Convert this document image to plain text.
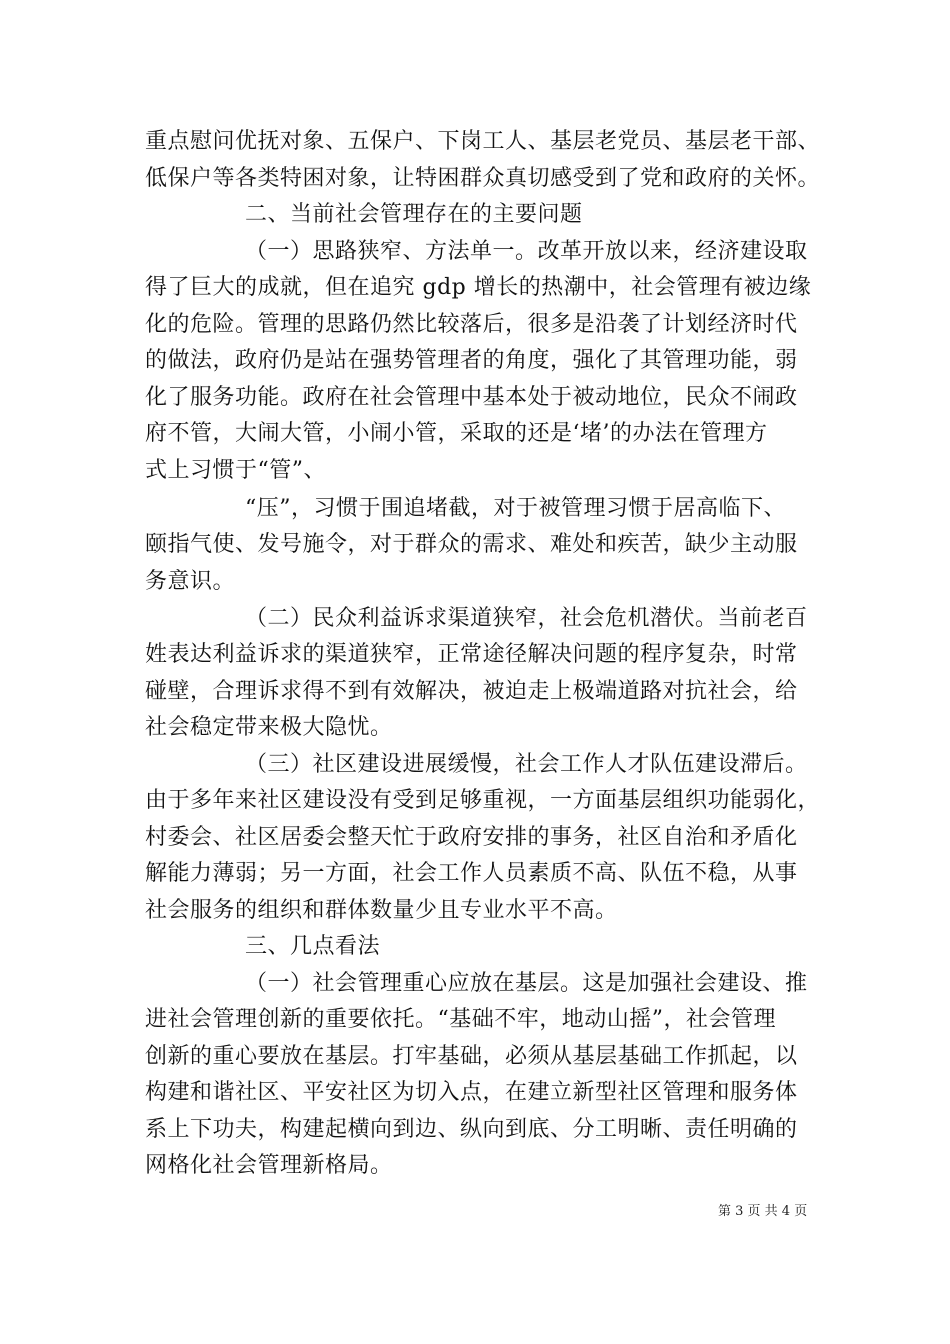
重点慰问优抚对象、五保户、下岗工人、基层老党员、基层老干部、
低保户等各类特困对象，让特困群众真切感受到了党和政府的关怀。
二、当前社会管理存在的主要问题
（一）思路狭窄、方法单一。改革开放以来，经济建设取
得了巨大的成就，但在追究 gdp 增长的热潮中，社会管理有被边缘
化的危险。管理的思路仍然比较落后，很多是沿袭了计划经济时代
的做法，政府仍是站在强势管理者的角度，强化了其管理功能，弱
化了服务功能。政府在社会管理中基本处于被动地位，民众不闹政
府不管，大闹大管，小闹小管，采取的还是‘堵’的办法在管理方
式上习惯于“管”、
“压”，习惯于围追堵截，对于被管理习惯于居高临下、
颐指气使、发号施令，对于群众的需求、难处和疾苦，缺少主动服
务意识。
（二）民众利益诉求渠道狭窄，社会危机潜伏。当前老百
姓表达利益诉求的渠道狭窄，正常途径解决问题的程序复杂，时常
碰壁，合理诉求得不到有效解决，被迫走上极端道路对抗社会，给
社会稳定带来极大隐忧。
（三）社区建设进展缓慢，社会工作人才队伍建设滞后。
由于多年来社区建设没有受到足够重视，一方面基层组织功能弱化，
村委会、社区居委会整天忙于政府安排的事务，社区自治和矛盾化
解能力薄弱；另一方面，社会工作人员素质不高、队伍不稳，从事
社会服务的组织和群体数量少且专业水平不高。
三、几点看法
（一）社会管理重心应放在基层。这是加强社会建设、推
进社会管理创新的重要依托。“基础不牢，地动山摇”，社会管理
创新的重心要放在基层。打牢基础，必须从基层基础工作抓起，以
构建和谐社区、平安社区为切入点，在建立新型社区管理和服务体
系上下功夫，构建起横向到边、纵向到底、分工明晰、责任明确的
网格化社会管理新格局。
第 3 页 共 4 页
